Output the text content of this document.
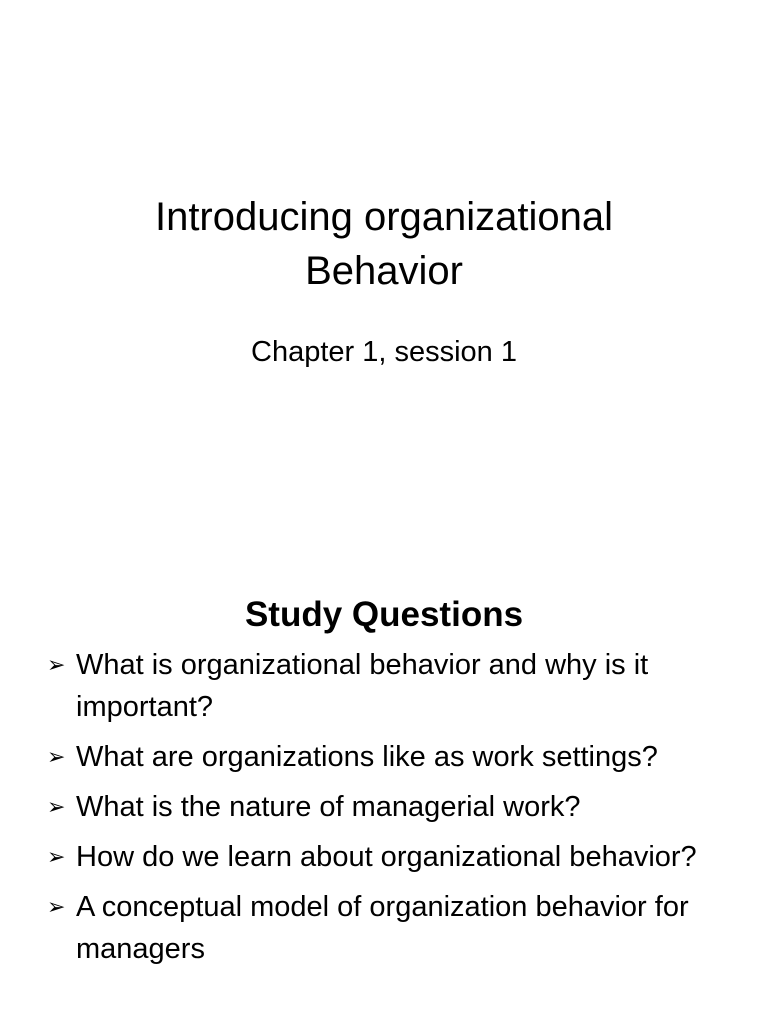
Introducing organizational
Behavior

Chapter 1, session 1

Study Questions
➢ What is organizational behavior and why is it important?
➢ What are organizations like as work settings?
➢ What is the nature of managerial work?
➢ How do we learn about organizational behavior?
➢ A conceptual model of organization behavior for managers
